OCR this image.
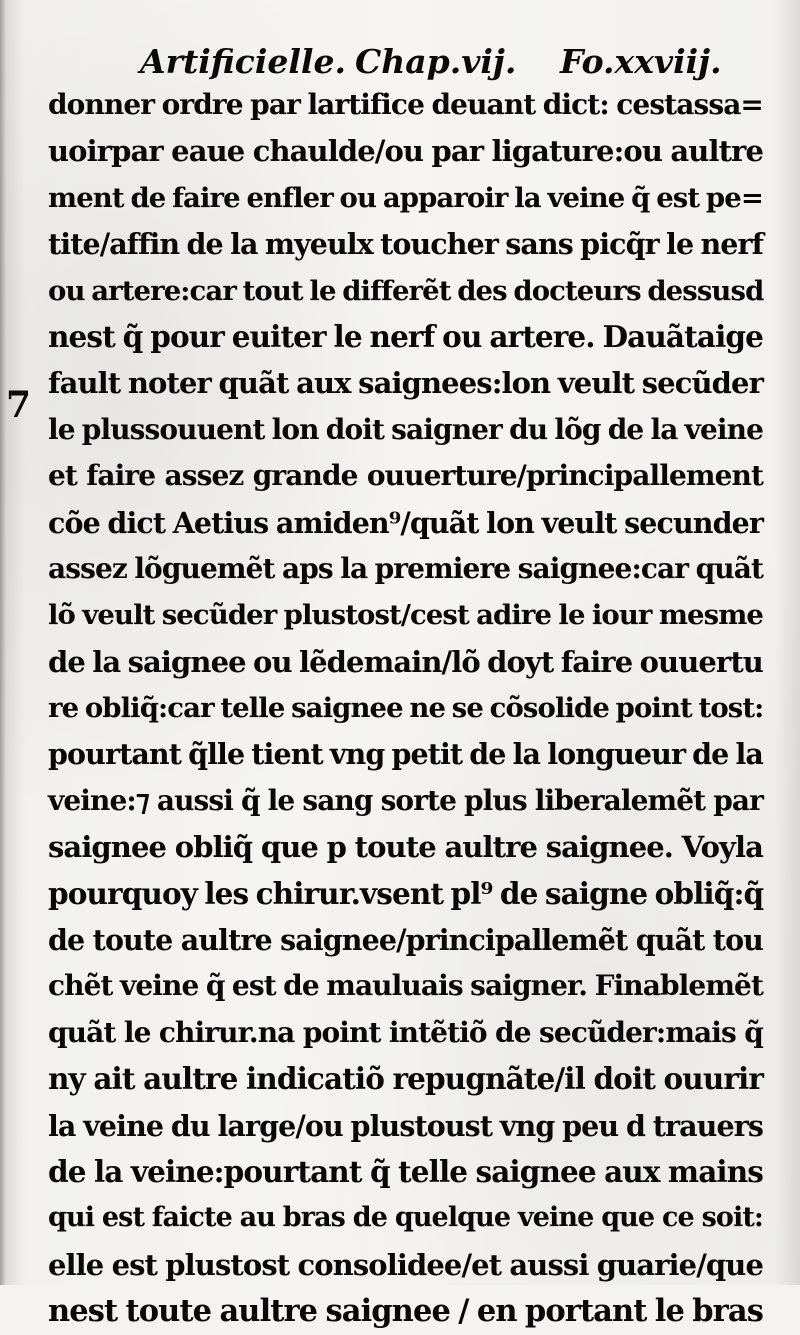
Artificielle. Chap.vij. Fo.xxviij.
7
donner ordre par lartifice deuant dict: cestassa=
uoirpar eaue chaulde/ou par ligature:ou aultre
ment de faire enfler ou apparoir la veine q̃ est pe=
tite/affin de la myeulx toucher sans picq̃r le nerf
ou artere:car tout le differẽt des docteurs dessusd
nest q̃ pour euiter le nerf ou artere. Dauãtaige
fault noter quãt aux saignees:lon veult secũder
le plussouuent lon doit saigner du lõg de la veine
et faire assez grande ouuerture/principallement
cõe dict Aetius amiden⁹/quãt lon veult secunder
assez lõguemẽt aps la premiere saignee:car quãt
lõ veult secũder plustost/cest adire le iour mesme
de la saignee ou lẽdemain/lõ doyt faire ouuertu
re obliq̃:car telle saignee ne se cõsolide point tost:
pourtant q̃lle tient vng petit de la longueur de la
veine:⁊ aussi q̃ le sang sorte plus liberalemẽt par
saignee obliq̃ que p toute aultre saignee. Voyla
pourquoy les chirur.vsent pl⁹ de saigne obliq̃:q̃
de toute aultre saignee/principallemẽt quãt tou
chẽt veine q̃ est de mauluais saigner. Finablemẽt
quãt le chirur.na point intẽtiõ de secũder:mais q̃
ny ait aultre indicatiõ repugnãte/il doit ouurir
la veine du large/ou plustoust vng peu d trauers
de la veine:pourtant q̃ telle saignee aux mains
qui est faicte au bras de quelque veine que ce soit:
elle est plustost consolidee/et aussi guarie/que
nest toute aultre saignee / en portant le bras
